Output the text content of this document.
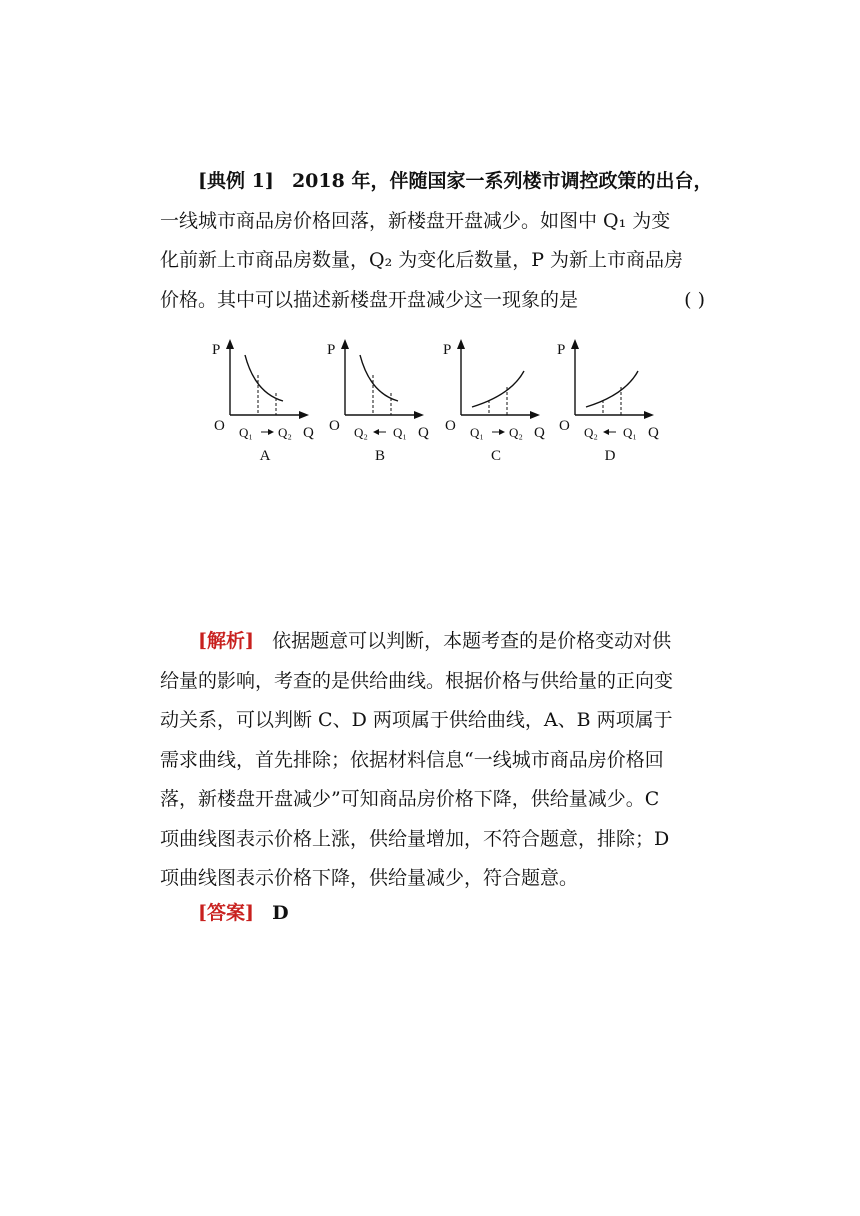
[典例 1] 2018 年，伴随国家一系列楼市调控政策的出台，
一线城市商品房价格回落，新楼盘开盘减少。如图中 Q₁ 为变
化前新上市商品房数量，Q₂ 为变化后数量，P 为新上市商品房
价格。其中可以描述新楼盘开盘减少这一现象的是	( )
P
O	Q
Q₁ Q₂
A
P
O	Q
Q₂ Q₁
B
P
O	Q
Q₁ Q₂
C
P
O	Q
Q₂ Q₁
D
[解析] 依据题意可以判断，本题考查的是价格变动对供
给量的影响，考查的是供给曲线。根据价格与供给量的正向变
动关系，可以判断 C、D 两项属于供给曲线，A、B 两项属于
需求曲线，首先排除；依据材料信息“一线城市商品房价格回
落，新楼盘开盘减少”可知商品房价格下降，供给量减少。C
项曲线图表示价格上涨，供给量增加，不符合题意，排除；D
项曲线图表示价格下降，供给量减少，符合题意。
[答案] D
